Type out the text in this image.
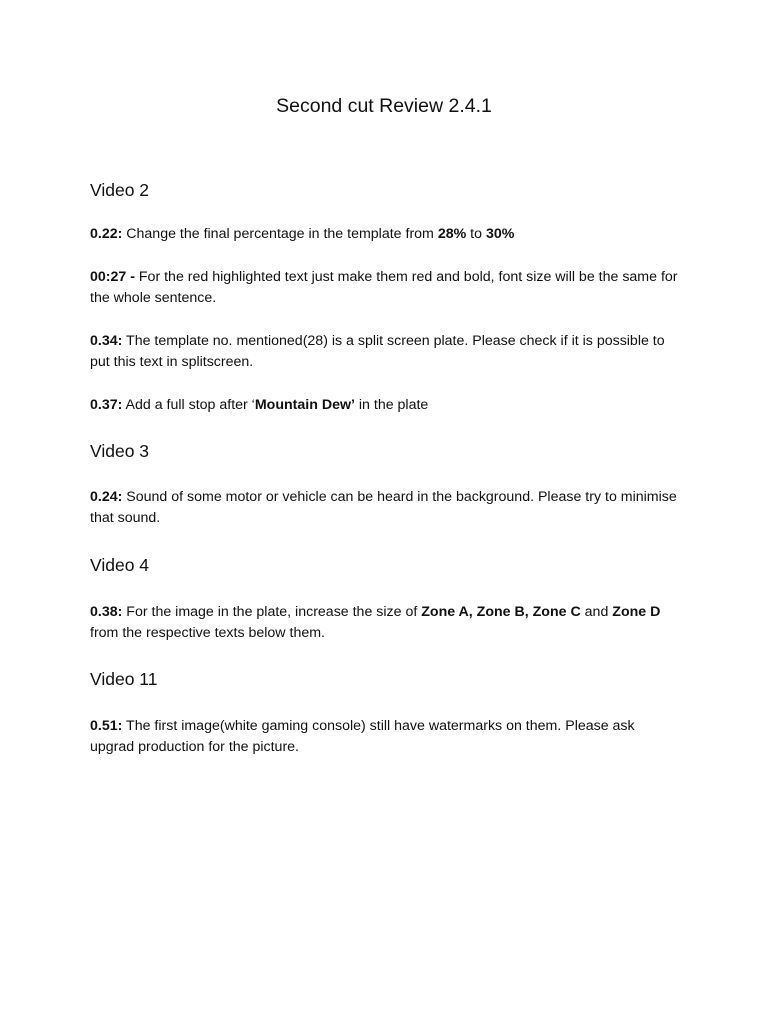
Second cut Review 2.4.1
Video 2

0.22: Change the final percentage in the template from 28% to 30%

00:27 - For the red highlighted text just make them red and bold, font size will be the same for the whole sentence.

0.34: The template no. mentioned(28) is a split screen plate. Please check if it is possible to put this text in splitscreen.

0.37: Add a full stop after ‘Mountain Dew’ in the plate

Video 3

0.24: Sound of some motor or vehicle can be heard in the background. Please try to minimise that sound.

Video 4

0.38: For the image in the plate, increase the size of Zone A, Zone B, Zone C and Zone D from the respective texts below them.

Video 11

0.51: The first image(white gaming console) still have watermarks on them. Please ask upgrad production for the picture.
